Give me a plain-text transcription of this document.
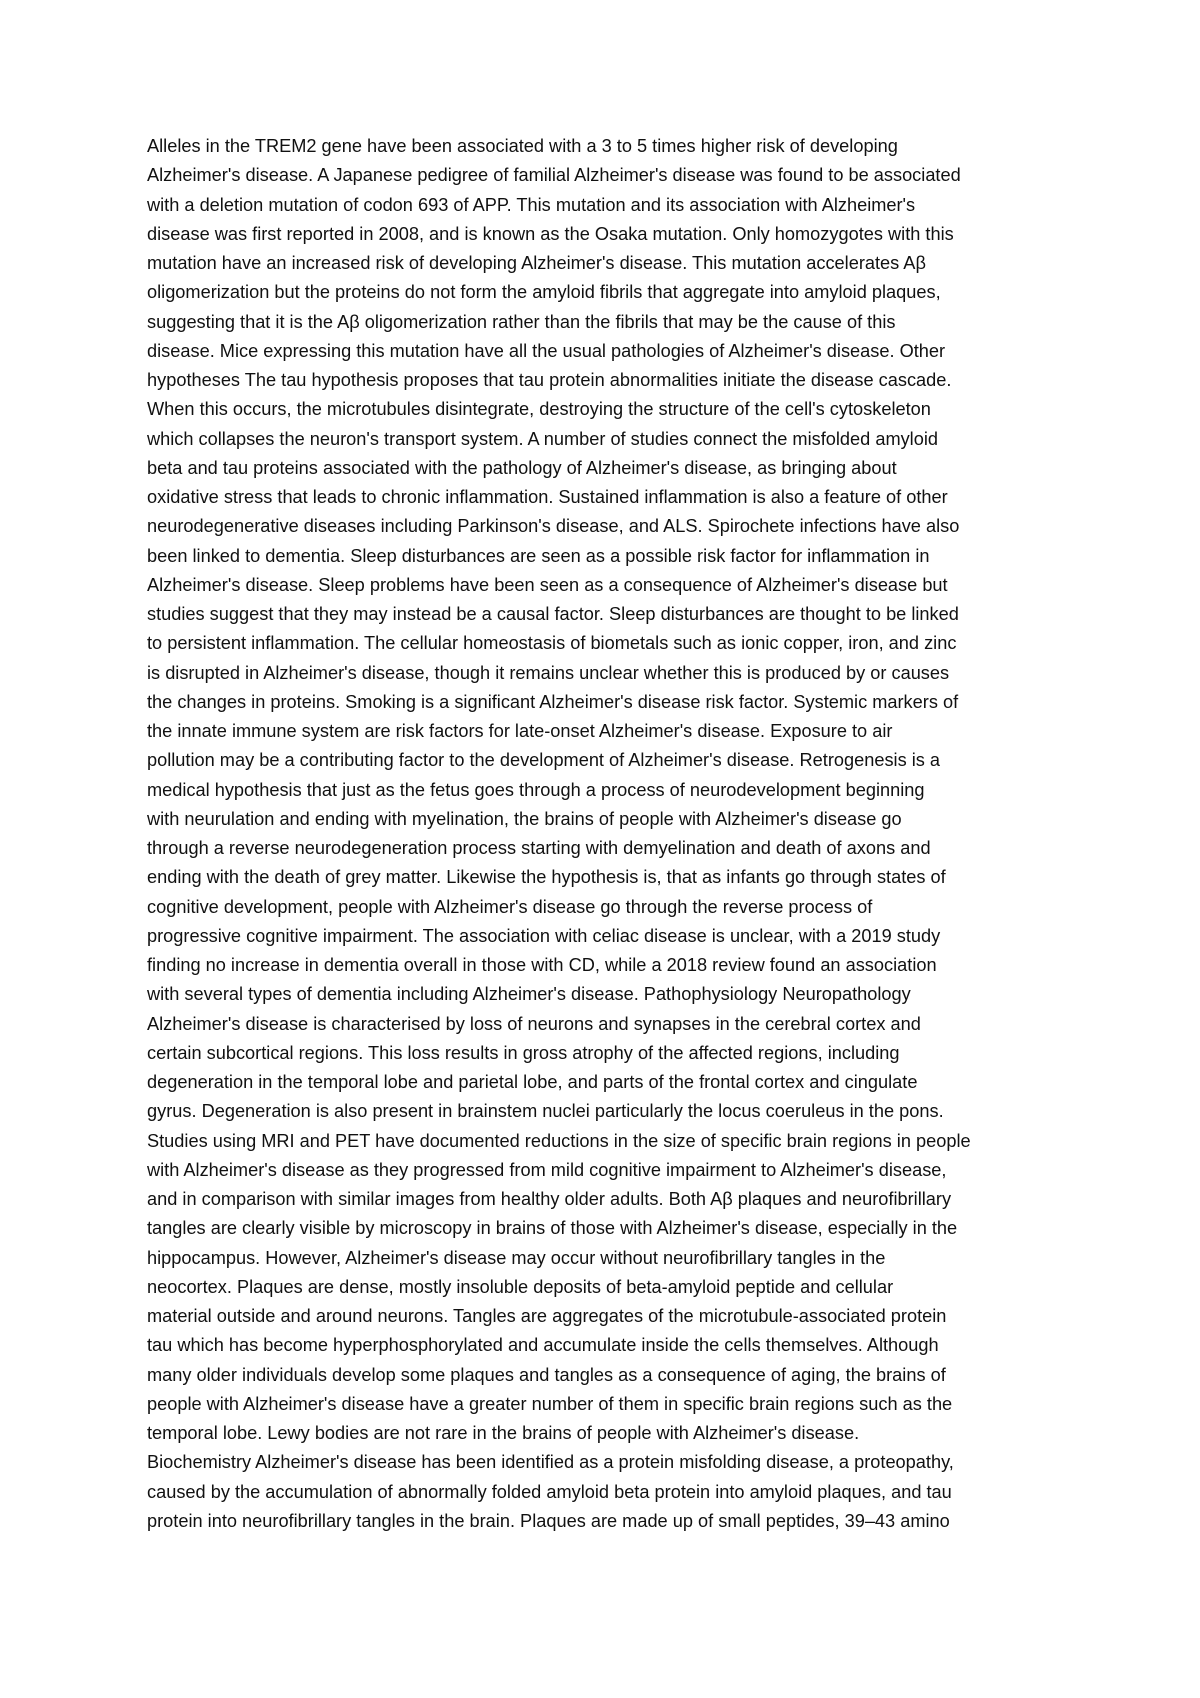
Alleles in the TREM2 gene have been associated with a 3 to 5 times higher risk of developing
Alzheimer's disease. A Japanese pedigree of familial Alzheimer's disease was found to be associated
with a deletion mutation of codon 693 of APP. This mutation and its association with Alzheimer's
disease was first reported in 2008, and is known as the Osaka mutation. Only homozygotes with this
mutation have an increased risk of developing Alzheimer's disease. This mutation accelerates Aβ
oligomerization but the proteins do not form the amyloid fibrils that aggregate into amyloid plaques,
suggesting that it is the Aβ oligomerization rather than the fibrils that may be the cause of this
disease. Mice expressing this mutation have all the usual pathologies of Alzheimer's disease. Other
hypotheses The tau hypothesis proposes that tau protein abnormalities initiate the disease cascade.
When this occurs, the microtubules disintegrate, destroying the structure of the cell's cytoskeleton
which collapses the neuron's transport system. A number of studies connect the misfolded amyloid
beta and tau proteins associated with the pathology of Alzheimer's disease, as bringing about
oxidative stress that leads to chronic inflammation. Sustained inflammation is also a feature of other
neurodegenerative diseases including Parkinson's disease, and ALS. Spirochete infections have also
been linked to dementia. Sleep disturbances are seen as a possible risk factor for inflammation in
Alzheimer's disease. Sleep problems have been seen as a consequence of Alzheimer's disease but
studies suggest that they may instead be a causal factor. Sleep disturbances are thought to be linked
to persistent inflammation. The cellular homeostasis of biometals such as ionic copper, iron, and zinc
is disrupted in Alzheimer's disease, though it remains unclear whether this is produced by or causes
the changes in proteins. Smoking is a significant Alzheimer's disease risk factor. Systemic markers of
the innate immune system are risk factors for late-onset Alzheimer's disease. Exposure to air
pollution may be a contributing factor to the development of Alzheimer's disease. Retrogenesis is a
medical hypothesis that just as the fetus goes through a process of neurodevelopment beginning
with neurulation and ending with myelination, the brains of people with Alzheimer's disease go
through a reverse neurodegeneration process starting with demyelination and death of axons and
ending with the death of grey matter. Likewise the hypothesis is, that as infants go through states of
cognitive development, people with Alzheimer's disease go through the reverse process of
progressive cognitive impairment. The association with celiac disease is unclear, with a 2019 study
finding no increase in dementia overall in those with CD, while a 2018 review found an association
with several types of dementia including Alzheimer's disease. Pathophysiology Neuropathology
Alzheimer's disease is characterised by loss of neurons and synapses in the cerebral cortex and
certain subcortical regions. This loss results in gross atrophy of the affected regions, including
degeneration in the temporal lobe and parietal lobe, and parts of the frontal cortex and cingulate
gyrus. Degeneration is also present in brainstem nuclei particularly the locus coeruleus in the pons.
Studies using MRI and PET have documented reductions in the size of specific brain regions in people
with Alzheimer's disease as they progressed from mild cognitive impairment to Alzheimer's disease,
and in comparison with similar images from healthy older adults. Both Aβ plaques and neurofibrillary
tangles are clearly visible by microscopy in brains of those with Alzheimer's disease, especially in the
hippocampus. However, Alzheimer's disease may occur without neurofibrillary tangles in the
neocortex. Plaques are dense, mostly insoluble deposits of beta-amyloid peptide and cellular
material outside and around neurons. Tangles are aggregates of the microtubule-associated protein
tau which has become hyperphosphorylated and accumulate inside the cells themselves. Although
many older individuals develop some plaques and tangles as a consequence of aging, the brains of
people with Alzheimer's disease have a greater number of them in specific brain regions such as the
temporal lobe. Lewy bodies are not rare in the brains of people with Alzheimer's disease.
Biochemistry Alzheimer's disease has been identified as a protein misfolding disease, a proteopathy,
caused by the accumulation of abnormally folded amyloid beta protein into amyloid plaques, and tau
protein into neurofibrillary tangles in the brain. Plaques are made up of small peptides, 39–43 amino
